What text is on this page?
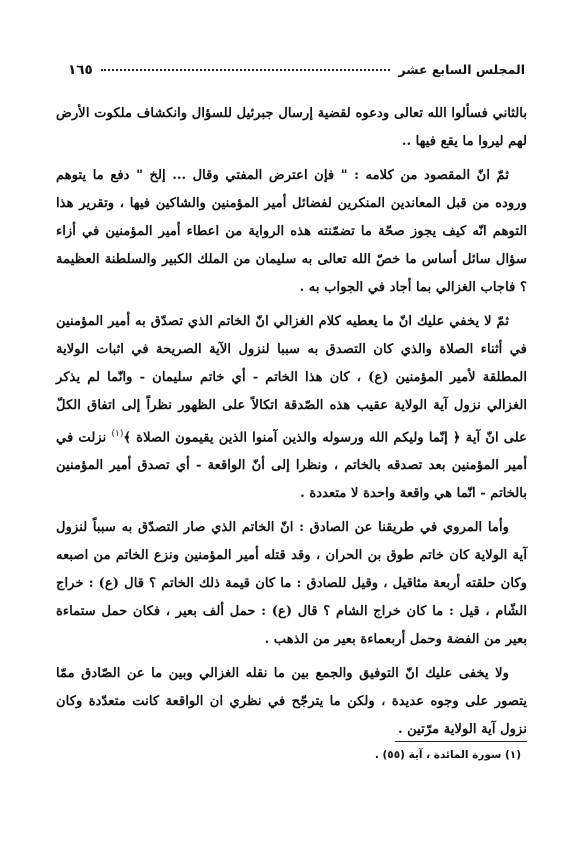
المجلس السابع عشر
١٦٥

بالثاني فسألوا الله تعالى ودعوه لقضية إرسال جبرئيل للسؤال وانكشاف ملكوت الأرض لهم ليروا ما يقع فيها ..

ثمّ انّ المقصود من كلامه : " فإن اعترض المفتي وقال ... إلخ " دفع ما يتوهم وروده من قبل المعاندين المنكرين لفضائل أمير المؤمنين والشاكين فيها ، وتقرير هذا التوهم انّه كيف يجوز صحّة ما تضمّنته هذه الرواية من اعطاء أمير المؤمنين في أزاء سؤال سائل أساس ما خصّ الله تعالى به سليمان من الملك الكبير والسلطنة العظيمة ؟ فاجاب الغزالي بما أجاد في الجواب به .

ثمّ لا يخفي عليك انّ ما يعطيه كلام الغزالي انّ الخاتم الذي تصدّق به أمير المؤمنين في أثناء الصلاة والذي كان التصدق به سببا لنزول الآية الصريحة في اثبات الولاية المطلقة لأمير المؤمنين (ع) ، كان هذا الخاتم - أي خاتم سليمان - وانّما لم يذكر الغزالي نزول آية الولاية عقيب هذه الصّدقة اتكالاً على الظهور نظراً إلى اتفاق الكلّ على انّ آية ﴿ إنّما وليكم الله ورسوله والذين آمنوا الذين يقيمون الصلاة ﴾$^{(١)}$ نزلت في أمير المؤمنين بعد تصدقه بالخاتم ، ونظرا إلى أنّ الواقعة - أي تصدق أمير المؤمنين بالخاتم - انّما هي واقعة واحدة لا متعددة .

وأما المروي في طريقنا عن الصادق : انّ الخاتم الذي صار التصدّق به سبباً لنزول آية الولاية كان خاتم طوق بن الحران ، وقد قتله أمير المؤمنين ونزع الخاتم من اصبعه وكان حلقته أربعة مثاقيل ، وقيل للصادق : ما كان قيمة ذلك الخاتم ؟ قال (ع) : خراج الشّام ، قيل : ما كان خراج الشام ؟ قال (ع) : حمل ألف بعير ، فكان حمل ستماءة بعير من الفضة وحمل أربعماءة بعير من الذهب .

ولا يخفى عليك انّ التوفيق والجمع بين ما نقله الغزالي وبين ما عن الصّادق ممّا يتصور على وجوه عديدة ، ولكن ما يترجّح في نظري ان الواقعة كانت متعدّدة وكان نزول آية الولاية مرّتين .

(١) سورة المائدة ، آية (٥٥) .
